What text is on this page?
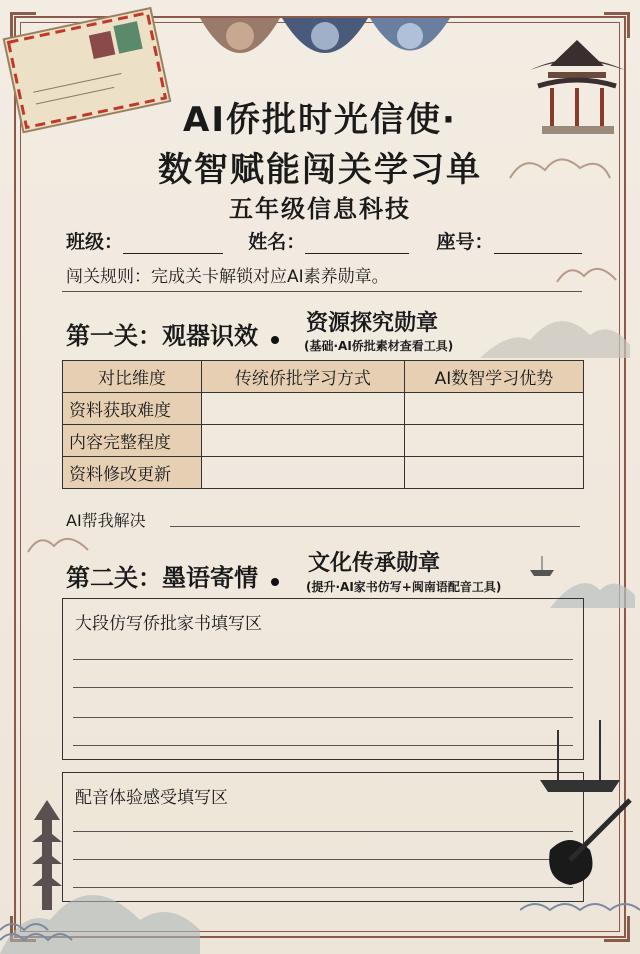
AI侨批时光信使·
数智赋能闯关学习单
五年级信息科技
班级：	姓名：	座号：
闯关规则：完成关卡解锁对应AI素养勋章。
第一关：观器识效	资源探究勋章
(基础·AI侨批素材查看工具)
对比维度	传统侨批学习方式	AI数智学习优势
资料获取难度		
内容完整程度		
资料修改更新		
AI帮我解决
第二关：墨语寄情
文化传承勋章
(提升·AI家书仿写+闽南语配音工具)
大段仿写侨批家书填写区
配音体验感受填写区
